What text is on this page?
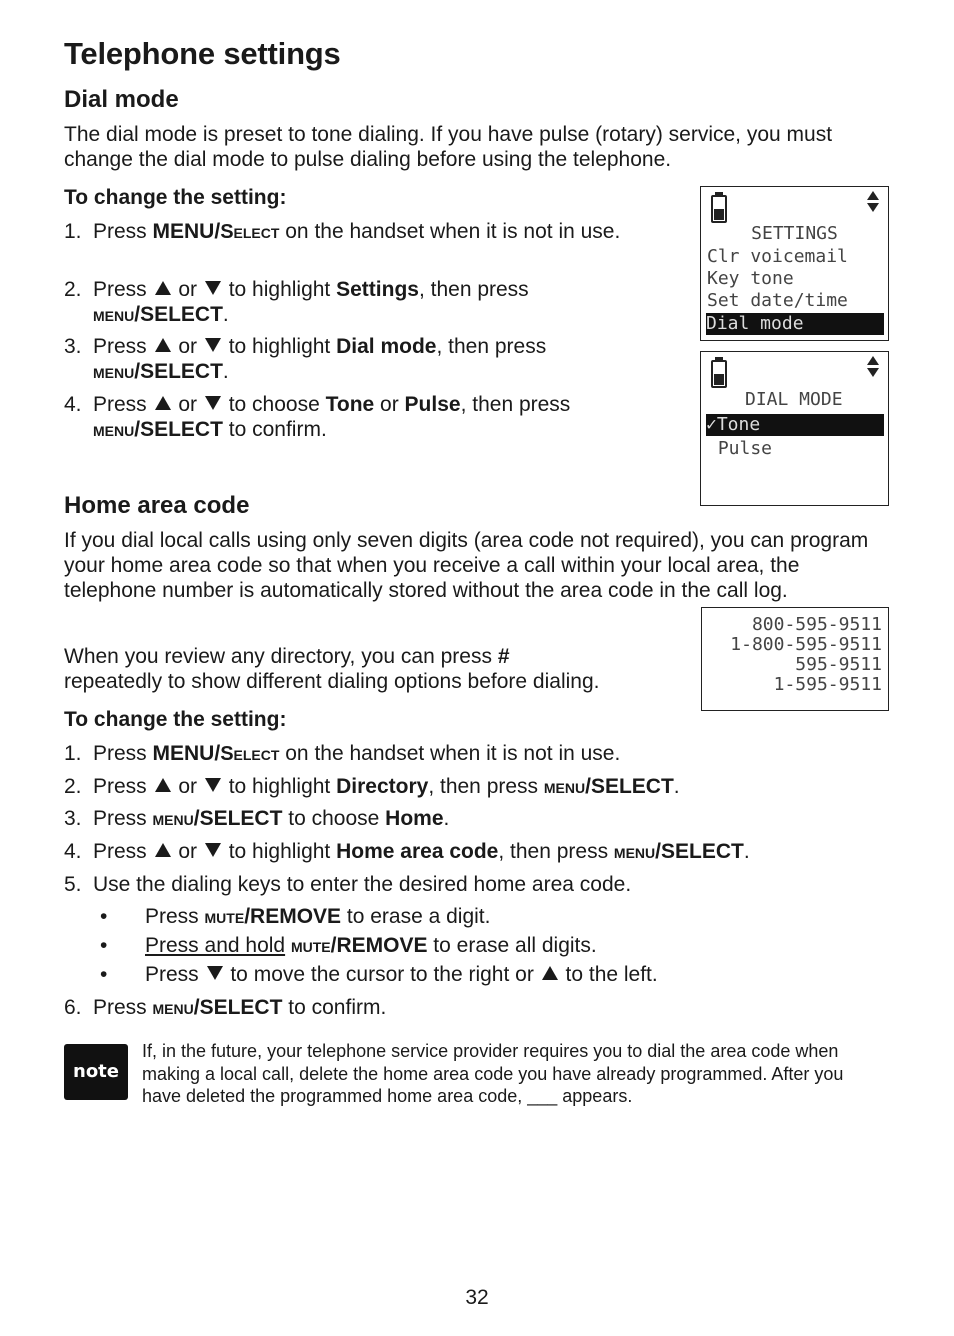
Telephone settings
Dial mode

The dial mode is preset to tone dialing. If you have pulse (rotary) service, you must change the dial mode to pulse dialing before using the telephone.

To change the setting:

1. Press MENU/Select on the handset when it is not in use.
2. Press  or  to highlight Settings, then press
menu/SELECT.
3. Press  or  to highlight Dial mode, then press
menu/SELECT.
4. Press  or  to choose Tone or Pulse, then press
menu/SELECT to confirm.
SETTINGS
Clr voicemail
Key tone
Set date/time
Dial mode
DIAL MODE
✓Tone
Pulse
Home area code

If you dial local calls using only seven digits (area code not required), you can program your home area code so that when you receive a call within your local area, the telephone number is automatically stored without the area code in the call log.

When you review any directory, you can press #
repeatedly to show different dialing options before dialing.

800-595-9511
1-800-595-9511
595-9511
1-595-9511

To change the setting:

1. Press MENU/Select on the handset when it is not in use.
2. Press  or  to highlight Directory, then press menu/SELECT.
3. Press menu/SELECT to choose Home.
4. Press  or  to highlight Home area code, then press menu/SELECT.
5. Use the dialing keys to enter the desired home area code.
• Press mute/REMOVE to erase a digit.
• Press and hold mute/REMOVE to erase all digits.
• Press  to move the cursor to the right or  to the left.
6. Press menu/SELECT to confirm.
note

If, in the future, your telephone service provider requires you to dial the area code when making a local call, delete the home area code you have already programmed. After you have deleted the programmed home area code, ___ appears.

32
